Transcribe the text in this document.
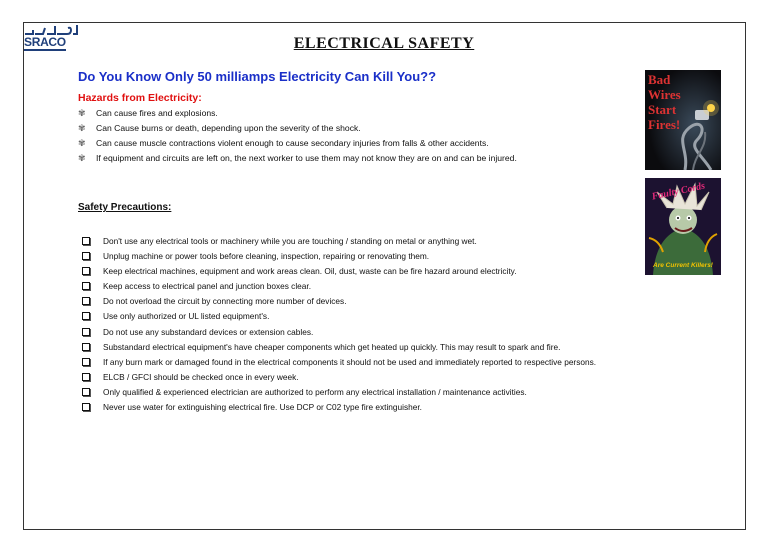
SRACO	ELECTRICAL SAFETY
Do You Know Only 50 milliamps Electricity Can Kill You??
Hazards from Electricity:
✾ Can cause fires and explosions.
✾ Can Cause burns or death, depending upon the severity of the shock.
✾ Can cause muscle contractions violent enough to cause secondary injuries from falls & other accidents.
✾ If equipment and circuits are left on, the next worker to use them may not know they are on and can be injured.
Safety Precautions:
Don't use any electrical tools or machinery while you are touching / standing on metal or anything wet.
Unplug machine or power tools before cleaning, inspection, repairing or renovating them.
Keep electrical machines, equipment and work areas clean. Oil, dust, waste can be fire hazard around electricity.
Keep access to electrical panel and junction boxes clear.
Do not overload the circuit by connecting more number of devices.
Use only authorized or UL listed equipment's.
Do not use any substandard devices or extension cables.
Substandard electrical equipment's have cheaper components which get heated up quickly. This may result to spark and fire.
If any burn mark or damaged found in the electrical components it should not be used and immediately reported to respective persons.
ELCB / GFCI should be checked once in every week.
Only qualified & experienced electrician are authorized to perform any electrical installation / maintenance activities.
Never use water for extinguishing electrical fire. Use DCP or C02 type fire extinguisher.
Bad
Wires
Start
Fires!
Faulty Cords
Are Current Killers!
